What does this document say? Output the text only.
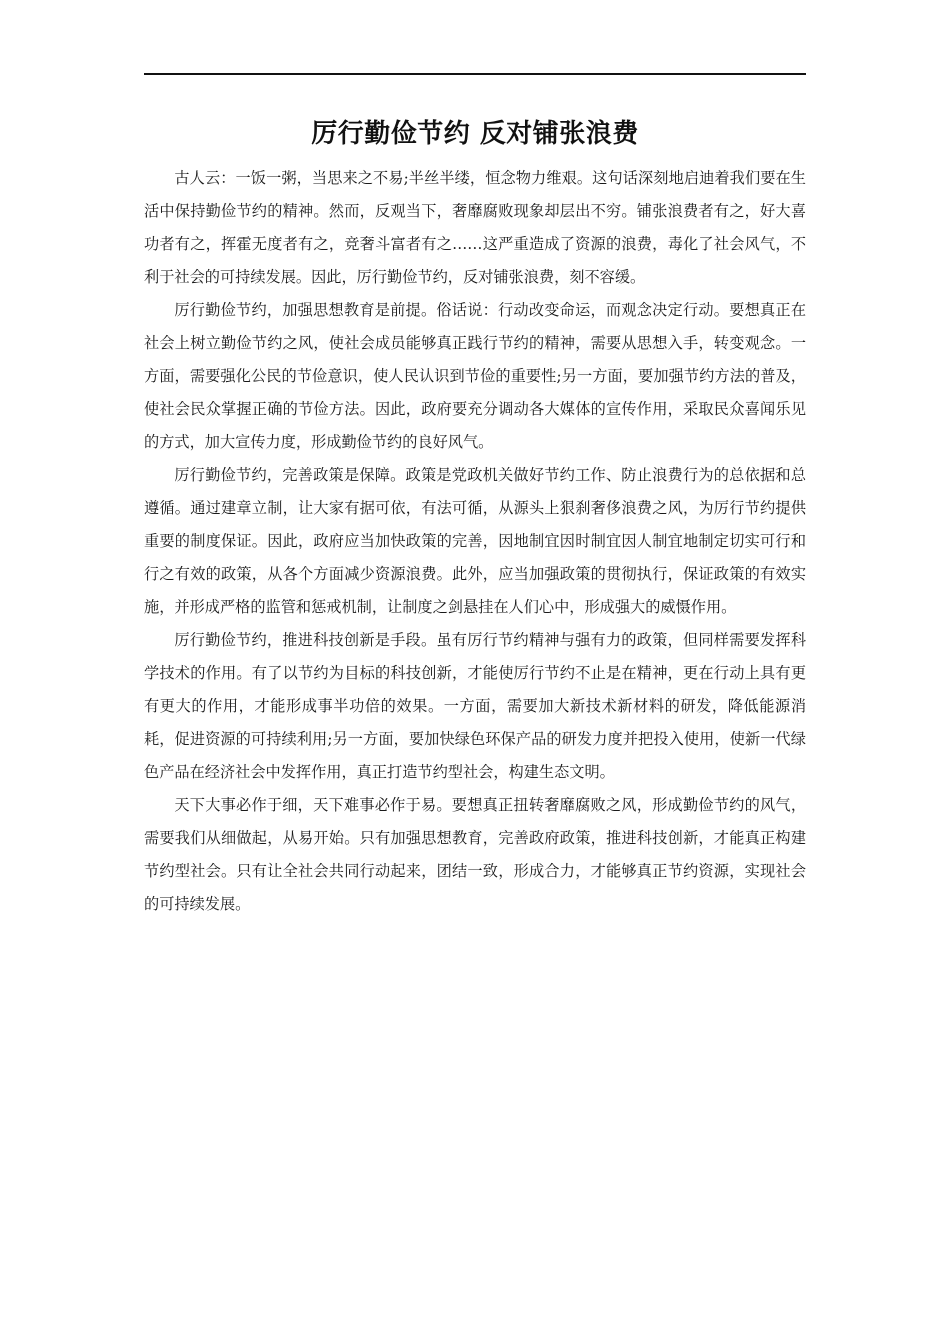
厉行勤俭节约 反对铺张浪费

古人云：一饭一粥，当思来之不易;半丝半缕，恒念物力维艰。这句话深刻地启迪着我们要在生活中保持勤俭节约的精神。然而，反观当下，奢靡腐败现象却层出不穷。铺张浪费者有之，好大喜功者有之，挥霍无度者有之，竞奢斗富者有之……这严重造成了资源的浪费，毒化了社会风气，不利于社会的可持续发展。因此，厉行勤俭节约，反对铺张浪费，刻不容缓。

厉行勤俭节约，加强思想教育是前提。俗话说：行动改变命运，而观念决定行动。要想真正在社会上树立勤俭节约之风，使社会成员能够真正践行节约的精神，需要从思想入手，转变观念。一方面，需要强化公民的节俭意识，使人民认识到节俭的重要性;另一方面，要加强节约方法的普及，使社会民众掌握正确的节俭方法。因此，政府要充分调动各大媒体的宣传作用，采取民众喜闻乐见的方式，加大宣传力度，形成勤俭节约的良好风气。

厉行勤俭节约，完善政策是保障。政策是党政机关做好节约工作、防止浪费行为的总依据和总遵循。通过建章立制，让大家有据可依，有法可循，从源头上狠刹奢侈浪费之风，为厉行节约提供重要的制度保证。因此，政府应当加快政策的完善，因地制宜因时制宜因人制宜地制定切实可行和行之有效的政策，从各个方面减少资源浪费。此外，应当加强政策的贯彻执行，保证政策的有效实施，并形成严格的监管和惩戒机制，让制度之剑悬挂在人们心中，形成强大的威慑作用。

厉行勤俭节约，推进科技创新是手段。虽有厉行节约精神与强有力的政策，但同样需要发挥科学技术的作用。有了以节约为目标的科技创新，才能使厉行节约不止是在精神，更在行动上具有更有更大的作用，才能形成事半功倍的效果。一方面，需要加大新技术新材料的研发，降低能源消耗，促进资源的可持续利用;另一方面，要加快绿色环保产品的研发力度并把投入使用，使新一代绿色产品在经济社会中发挥作用，真正打造节约型社会，构建生态文明。

天下大事必作于细，天下难事必作于易。要想真正扭转奢靡腐败之风，形成勤俭节约的风气，需要我们从细做起，从易开始。只有加强思想教育，完善政府政策，推进科技创新，才能真正构建节约型社会。只有让全社会共同行动起来，团结一致，形成合力，才能够真正节约资源，实现社会的可持续发展。
